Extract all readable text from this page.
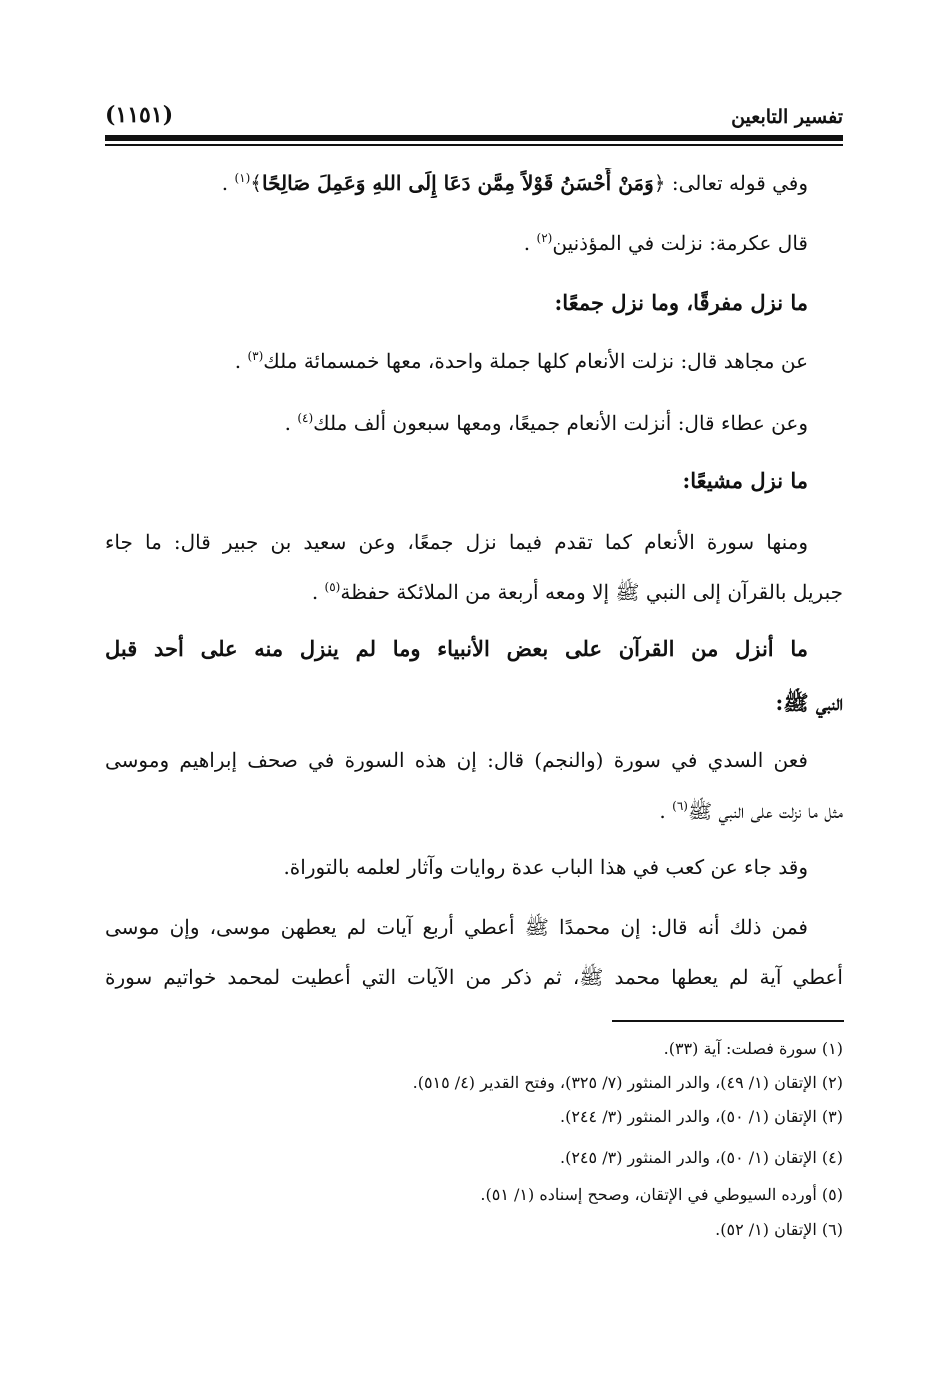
تفسير التابعين
(١١٥١)
وفي قوله تعالى: ﴿وَمَنْ أَحْسَنُ قَوْلاً مِمَّن دَعَا إِلَى اللهِ وَعَمِلَ صَالِحًا﴾$^{(١)}$ .
قال عكرمة: نزلت في المؤذنين$^{(٢)}$ .
ما نزل مفرقًا، وما نزل جمعًا:
عن مجاهد قال: نزلت الأنعام كلها جملة واحدة، معها خمسمائة ملك$^{(٣)}$ .
وعن عطاء قال: أنزلت الأنعام جميعًا، ومعها سبعون ألف ملك$^{(٤)}$ .
ما نزل مشيعًا:
ومنها سورة الأنعام كما تقدم فيما نزل جمعًا، وعن سعيد بن جبير قال: ما جاء
جبريل بالقرآن إلى النبي ﷺ إلا ومعه أربعة من الملائكة حفظة$^{(٥)}$ .
ما أنزل من القرآن على بعض الأنبياء وما لم ينزل منه على أحد قبل
النبي ﷺ:
فعن السدي في سورة (والنجم) قال: إن هذه السورة في صحف إبراهيم وموسى
مثل ما نزلت على النبي ﷺ$^{(٦)}$ .
وقد جاء عن كعب في هذا الباب عدة روايات وآثار لعلمه بالتوراة.
فمن ذلك أنه قال: إن محمدًا ﷺ أعطي أربع آيات لم يعطهن موسى، وإن موسى
أعطي آية لم يعطها محمد ﷺ، ثم ذكر من الآيات التي أعطيت لمحمد خواتيم سورة
(١) سورة فصلت: آية (٣٣).
(٢) الإتقان (١/ ٤٩)، والدر المنثور (٧/ ٣٢٥)، وفتح القدير (٤/ ٥١٥).
(٣) الإتقان (١/ ٥٠)، والدر المنثور (٣/ ٢٤٤).
(٤) الإتقان (١/ ٥٠)، والدر المنثور (٣/ ٢٤٥).
(٥) أورده السيوطي في الإتقان، وصحح إسناده (١/ ٥١).
(٦) الإتقان (١/ ٥٢).
